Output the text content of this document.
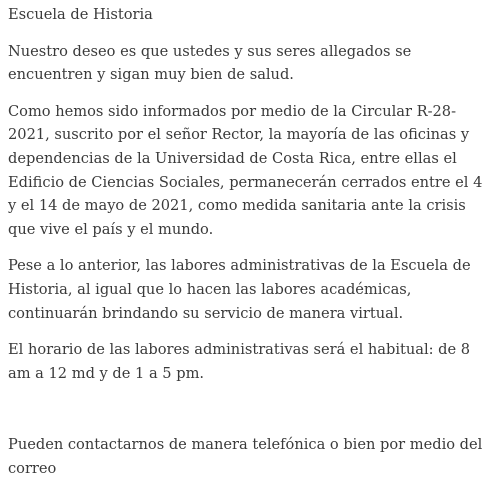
Escuela de Historia

Nuestro deseo es que ustedes y sus seres allegados se encuentren y sigan muy bien de salud.

Como hemos sido informados por medio de la Circular R-28-2021, suscrito por el señor Rector, la mayoría de las oficinas y dependencias de la Universidad de Costa Rica, entre ellas el Edificio de Ciencias Sociales, permanecerán cerrados entre el 4 y el 14 de mayo de 2021, como medida sanitaria ante la crisis que vive el país y el mundo.

Pese a lo anterior, las labores administrativas de la Escuela de Historia, al igual que lo hacen las labores académicas, continuarán brindando su servicio de manera virtual.

El horario de las labores administrativas será el habitual: de 8 am a 12 md y de 1 a 5 pm.

Pueden contactarnos de manera telefónica o bien por medio del correo
